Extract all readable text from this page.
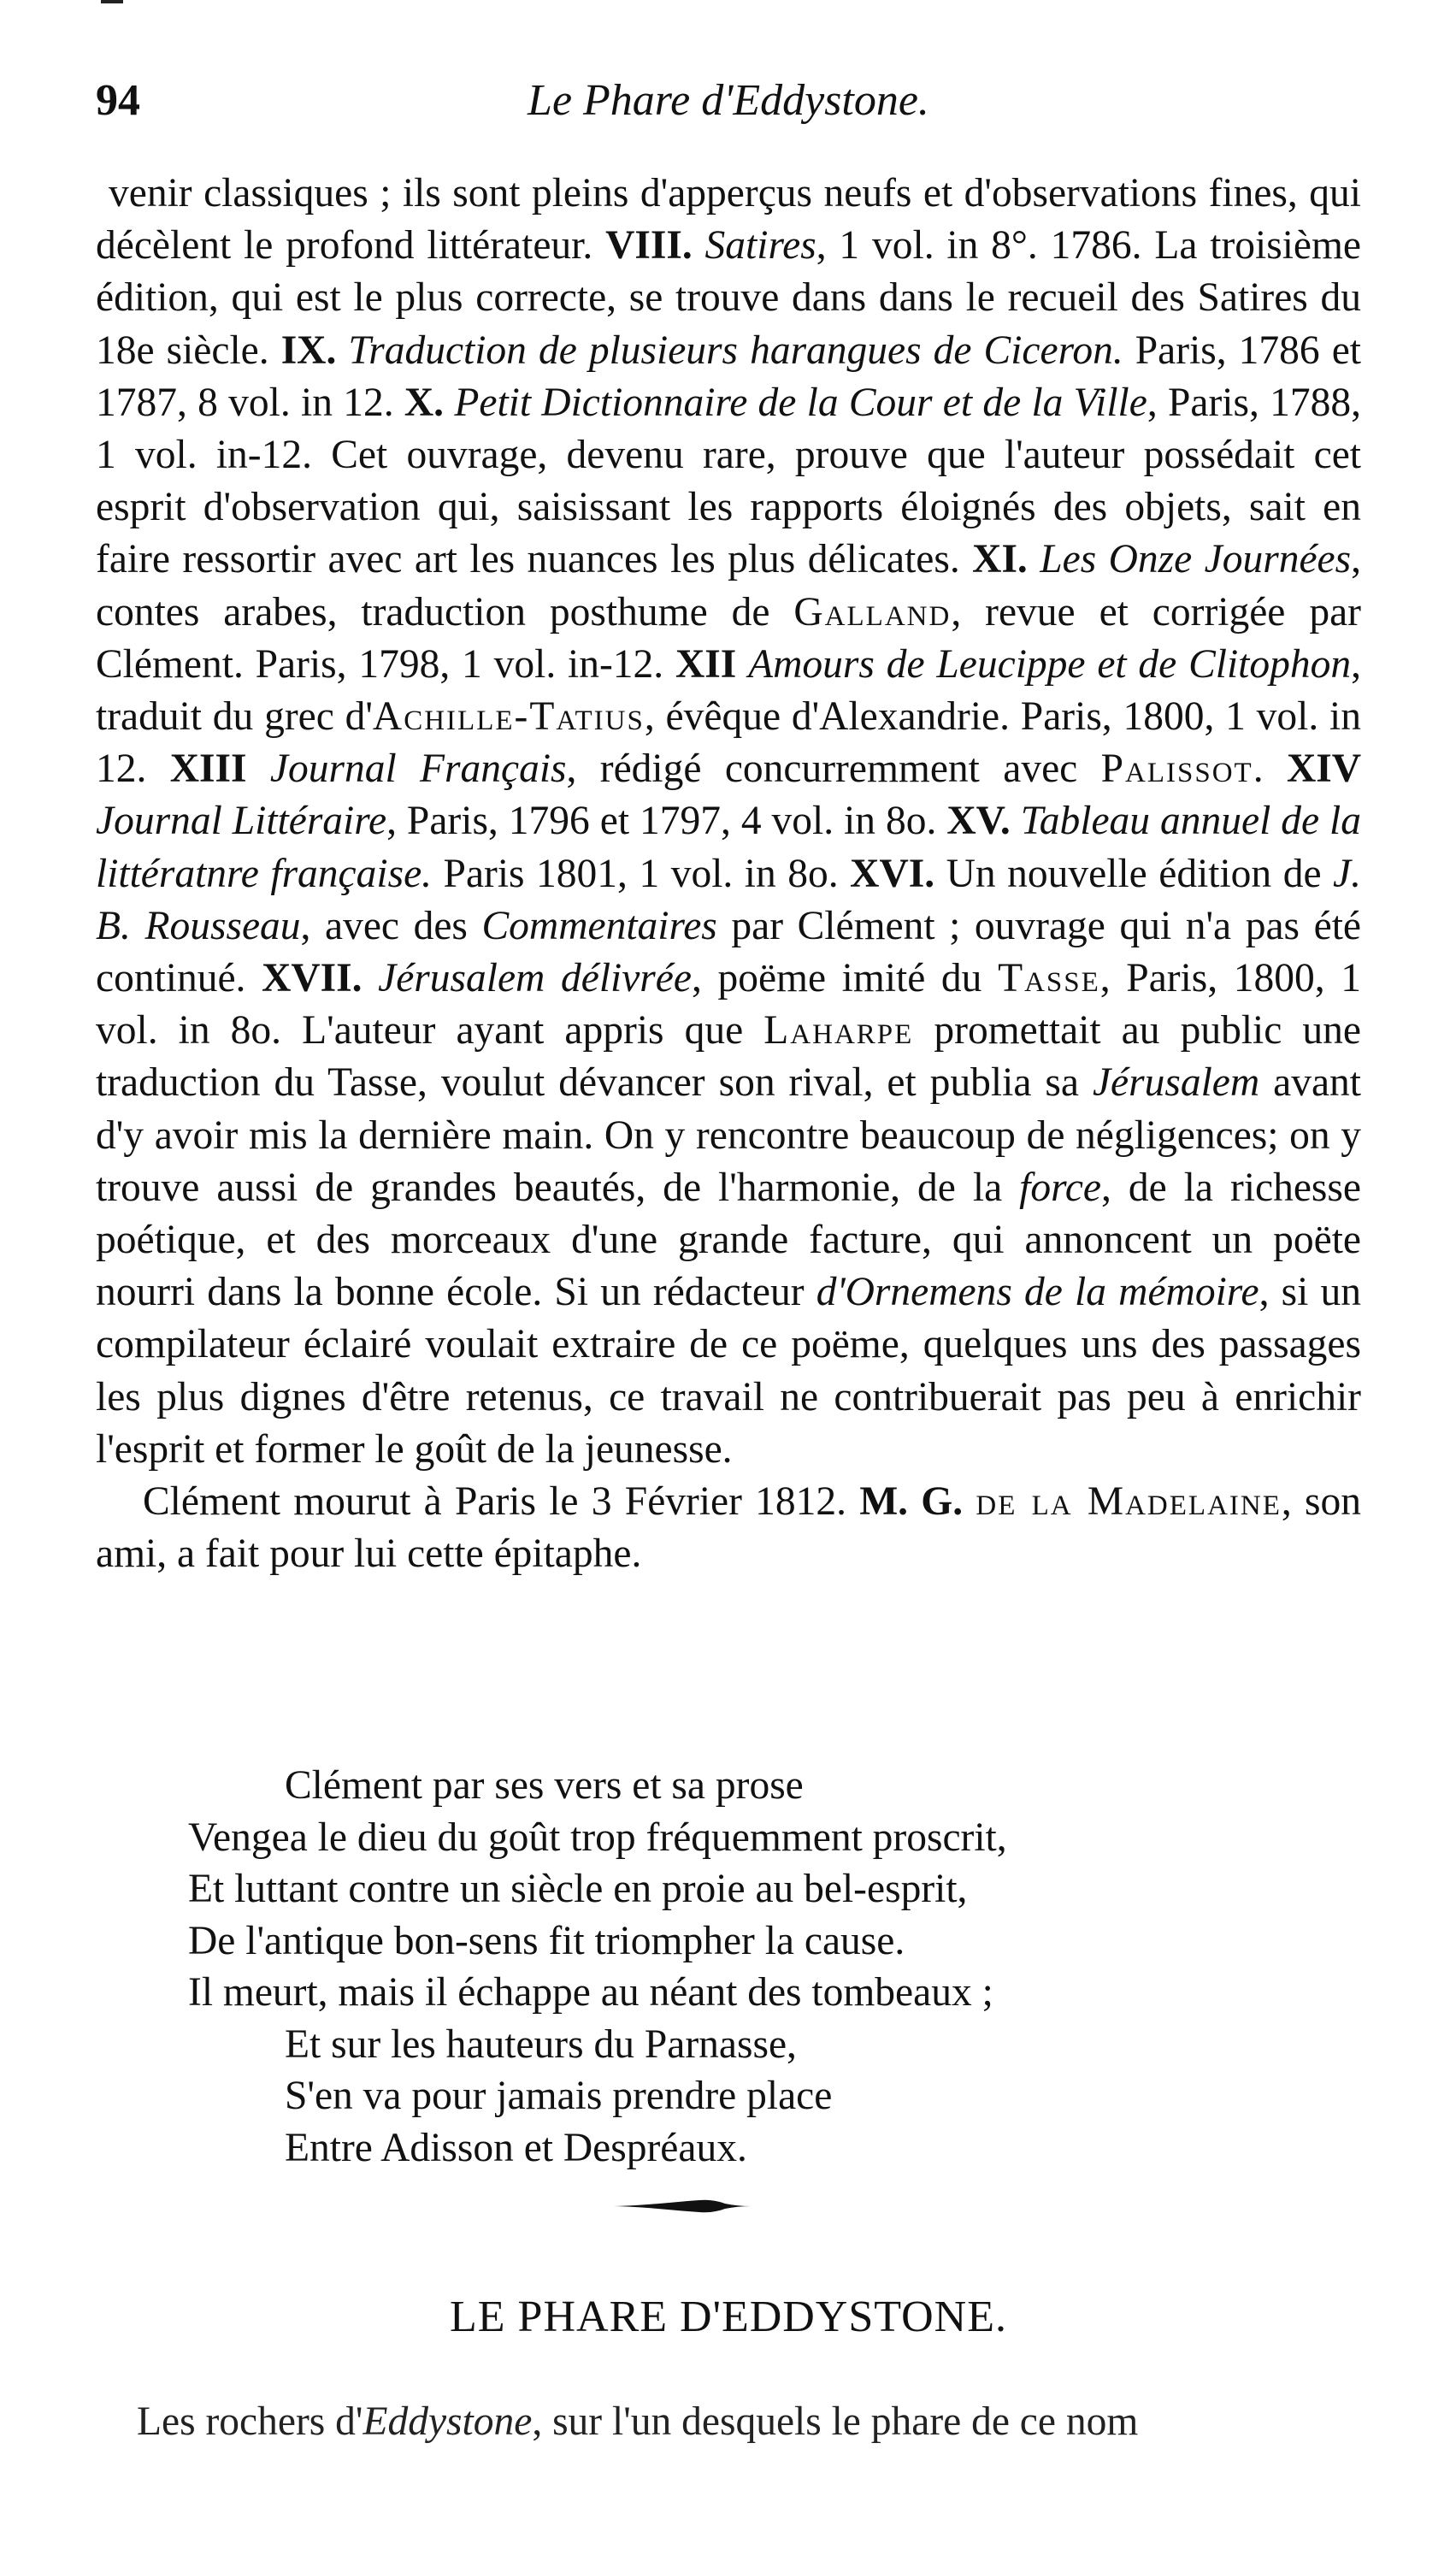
94	Le Phare d'Eddystone.

venir classiques ; ils sont pleins d'apperçus neufs et d'observations fines, qui décèlent le profond littérateur. VIII. Satires, 1 vol. in 8°. 1786. La troisième édition, qui est le plus correcte, se trouve dans dans le recueil des Satires du 18e siècle. IX. Traduction de plusieurs harangues de Ciceron. Paris, 1786 et 1787, 8 vol. in 12. X. Petit Dictionnaire de la Cour et de la Ville, Paris, 1788, 1 vol. in-12. Cet ouvrage, devenu rare, prouve que l'auteur possédait cet esprit d'observation qui, saisissant les rapports éloignés des objets, sait en faire ressortir avec art les nuances les plus délicates. XI. Les Onze Journées, contes arabes, traduction posthume de Galland, revue et corrigée par Clément. Paris, 1798, 1 vol. in-12. XII Amours de Leucippe et de Clitophon, traduit du grec d'Achille-Tatius, évêque d'Alexandrie. Paris, 1800, 1 vol. in 12. XIII Journal Français, rédigé concurremment avec Palissot. XIV Journal Littéraire, Paris, 1796 et 1797, 4 vol. in 8o. XV. Tableau annuel de la littératnre française. Paris 1801, 1 vol. in 8o. XVI. Un nouvelle édition de J. B. Rousseau, avec des Commentaires par Clément ; ouvrage qui n'a pas été continué. XVII. Jérusalem délivrée, poëme imité du Tasse, Paris, 1800, 1 vol. in 8o. L'auteur ayant appris que Laharpe promettait au public une traduction du Tasse, voulut dévancer son rival, et publia sa Jérusalem avant d'y avoir mis la dernière main. On y rencontre beaucoup de négligences; on y trouve aussi de grandes beautés, de l'harmonie, de la force, de la richesse poétique, et des morceaux d'une grande facture, qui annoncent un poëte nourri dans la bonne école. Si un rédacteur d'Ornemens de la mémoire, si un compilateur éclairé voulait extraire de ce poëme, quelques uns des passages les plus dignes d'être retenus, ce travail ne contribuerait pas peu à enrichir l'esprit et former le goût de la jeunesse.

Clément mourut à Paris le 3 Février 1812. M. G. de la Madelaine, son ami, a fait pour lui cette épitaphe.

Clément par ses vers et sa prose
Vengea le dieu du goût trop fréquemment proscrit,
Et luttant contre un siècle en proie au bel-esprit,
De l'antique bon-sens fit triompher la cause.
Il meurt, mais il échappe au néant des tombeaux ;
Et sur les hauteurs du Parnasse,
S'en va pour jamais prendre place
Entre Adisson et Despréaux.
LE PHARE D'EDDYSTONE.
Les rochers d'Eddystone, sur l'un desquels le phare de ce nom
